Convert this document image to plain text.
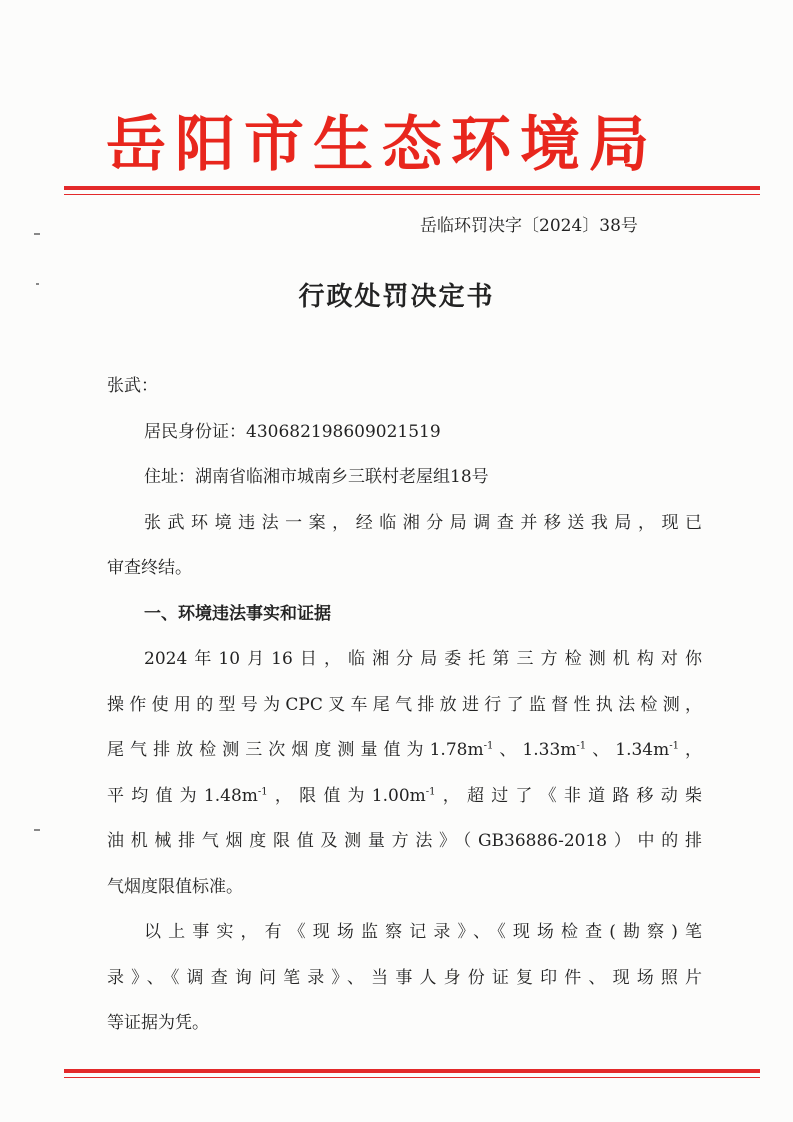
岳阳市生态环境局
岳临环罚决字〔2024〕38号
行政处罚决定书

张武：

居民身份证：430682198609021519

住址：湖南省临湘市城南乡三联村老屋组18号

张武环境违法一案，经临湘分局调查并移送我局，现已

审查终结。

一、环境违法事实和证据

2024年10月16日，临湘分局委托第三方检测机构对你

操作使用的型号为CPC叉车尾气排放进行了监督性执法检测，

尾气排放检测三次烟度测量值为$1.78m^{-1}$、$1.33m^{-1}$、$1.34m^{-1}$，

平均值为$1.48m^{-1}$，限值为$1.00m^{-1}$，超过了《非道路移动柴

油机械排气烟度限值及测量方法》（GB36886-2018）中的排

气烟度限值标准。

以上事实，有《现场监察记录》、《现场检查(勘察)笔

录》、《调查询问笔录》、当事人身份证复印件、现场照片

等证据为凭。
